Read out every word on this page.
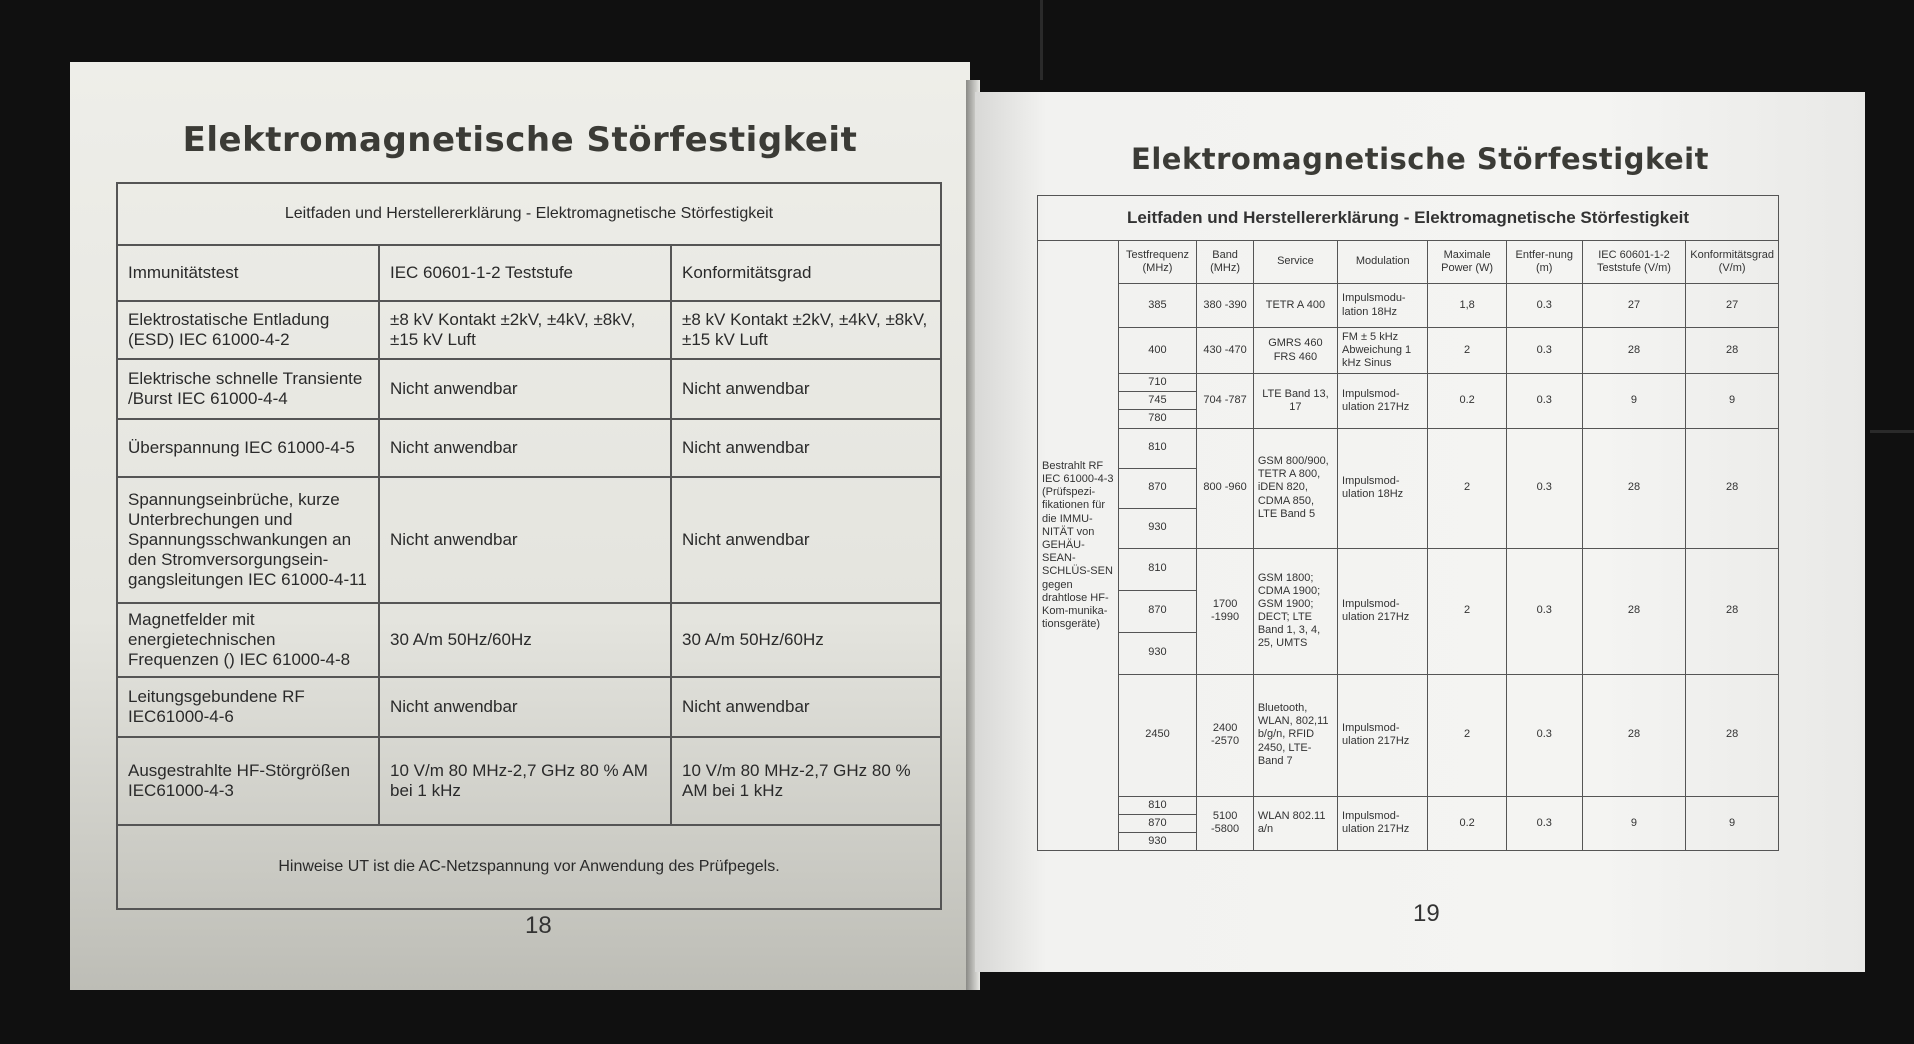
Elektromagnetische Störfestigkeit
Leitfaden und Herstellererklärung - Elektromagnetische Störfestigkeit		
Immunitätstest	IEC 60601-1-2 Teststufe	Konformitätsgrad
Elektrostatische Entladung (ESD) IEC 61000-4-2	±8 kV Kontakt ±2kV, ±4kV, ±8kV, ±15 kV Luft	±8 kV Kontakt ±2kV, ±4kV, ±8kV, ±15 kV Luft
Elektrische schnelle Transiente /Burst IEC 61000-4-4	Nicht anwendbar	Nicht anwendbar
Überspannung IEC 61000-4-5	Nicht anwendbar	Nicht anwendbar
Spannungseinbrüche, kurze Unterbrechungen und Spannungsschwankungen an den Stromversorgungsein-gangsleitungen IEC 61000-4-11	Nicht anwendbar	Nicht anwendbar
Magnetfelder mit energietechnischen Frequenzen () IEC 61000-4-8	30 A/m 50Hz/60Hz	30 A/m 50Hz/60Hz
Leitungsgebundene RF IEC61000-4-6	Nicht anwendbar	Nicht anwendbar
Ausgestrahlte HF-Störgrößen IEC61000-4-3	10 V/m 80 MHz-2,7 GHz 80 % AM bei 1 kHz	10 V/m 80 MHz-2,7 GHz 80 % AM bei 1 kHz
Hinweise UT ist die AC-Netzspannung vor Anwendung des Prüfpegels.		
18
Elektromagnetische Störfestigkeit
Leitfaden und Herstellererklärung - Elektromagnetische Störfestigkeit								
Bestrahlt RF IEC 61000-4-3 (Prüfspezi-fikationen für die IMMU-NITÄT von GEHÄU-SEAN-SCHLÜS-SEN gegen drahtlose HF-Kom-munika-tionsgeräte)	Testfrequenz (MHz)	Band (MHz)	Service	Modulation	Maximale Power (W)	Entfer-nung (m)	IEC 60601-1-2 Teststufe (V/m)	Konformitätsgrad (V/m)
	385	380 -390	TETR A 400	Impulsmodu-lation 18Hz	1,8	0.3	27	27
	400	430 -470	GMRS 460 FRS 460	FM ± 5 kHz Abweichung 1 kHz Sinus	2	0.3	28	28
	710	704 -787	LTE Band 13, 17	Impulsmod-ulation 217Hz	0.2	0.3	9	9
	745							
	780							
	810	800 -960	GSM 800/900, TETR A 800, iDEN 820, CDMA 850, LTE Band 5	Impulsmod-ulation 18Hz	2	0.3	28	28
	870							
	930							
	810	1700 -1990	GSM 1800; CDMA 1900; GSM 1900; DECT; LTE Band 1, 3, 4, 25, UMTS	Impulsmod-ulation 217Hz	2	0.3	28	28
	870							
	930							
	2450	2400 -2570	Bluetooth, WLAN, 802,11 b/g/n, RFID 2450, LTE-Band 7	Impulsmod-ulation 217Hz	2	0.3	28	28
	810	5100 -5800	WLAN 802.11 a/n	Impulsmod-ulation 217Hz	0.2	0.3	9	9
	870							
	930							
19
